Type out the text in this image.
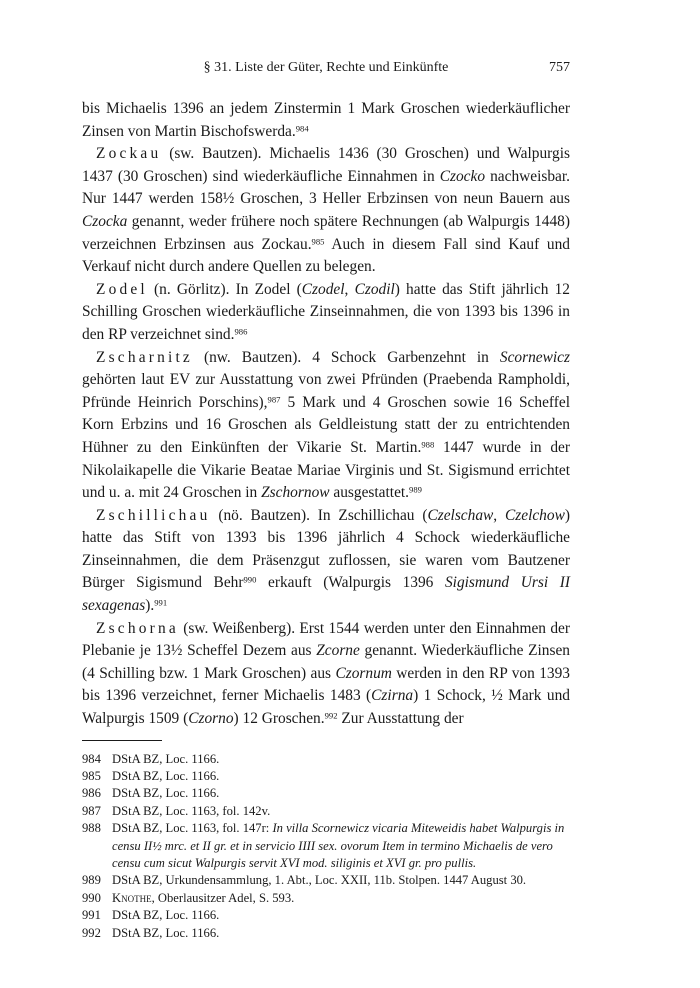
§ 31. Liste der Güter, Rechte und Einkünfte	757

bis Michaelis 1396 an jedem Zinstermin 1 Mark Groschen wiederkäuflicher Zinsen von Martin Bischofswerda.$^{984}$

Zockau (sw. Bautzen). Michaelis 1436 (30 Groschen) und Walpurgis 1437 (30 Groschen) sind wiederkäufliche Einnahmen in Czocko nachweisbar. Nur 1447 werden 158½ Groschen, 3 Heller Erbzinsen von neun Bauern aus Czocka genannt, weder frühere noch spätere Rechnungen (ab Walpurgis 1448) verzeichnen Erbzinsen aus Zockau.$^{985}$ Auch in diesem Fall sind Kauf und Verkauf nicht durch andere Quellen zu belegen.

Zodel (n. Görlitz). In Zodel (Czodel, Czodil) hatte das Stift jährlich 12 Schilling Groschen wiederkäufliche Zinseinnahmen, die von 1393 bis 1396 in den RP verzeichnet sind.$^{986}$

Zscharnitz (nw. Bautzen). 4 Schock Garbenzehnt in Scornewicz gehörten laut EV zur Ausstattung von zwei Pfründen (Praebenda Rampholdi, Pfründe Heinrich Porschins),$^{987}$ 5 Mark und 4 Groschen sowie 16 Scheffel Korn Erbzins und 16 Groschen als Geldleistung statt der zu entrichtenden Hühner zu den Einkünften der Vikarie St. Martin.$^{988}$ 1447 wurde in der Nikolaikapelle die Vikarie Beatae Mariae Virginis und St. Sigismund errichtet und u. a. mit 24 Groschen in Zschornow ausgestattet.$^{989}$

Zschillichau (nö. Bautzen). In Zschillichau (Czelschaw, Czelchow) hatte das Stift von 1393 bis 1396 jährlich 4 Schock wiederkäufliche Zinseinnahmen, die dem Präsenzgut zuflossen, sie waren vom Bautzener Bürger Sigismund Behr$^{990}$ erkauft (Walpurgis 1396 Sigismund Ursi II sexagenas).$^{991}$

Zschorna (sw. Weißenberg). Erst 1544 werden unter den Einnahmen der Plebanie je 13½ Scheffel Dezem aus Zcorne genannt. Wiederkäufliche Zinsen (4 Schilling bzw. 1 Mark Groschen) aus Czornum werden in den RP von 1393 bis 1396 verzeichnet, ferner Michaelis 1483 (Czirna) 1 Schock, ½ Mark und Walpurgis 1509 (Czorno) 12 Groschen.$^{992}$ Zur Ausstattung der

984 DStA BZ, Loc. 1166.
985 DStA BZ, Loc. 1166.
986 DStA BZ, Loc. 1166.
987 DStA BZ, Loc. 1163, fol. 142v.
988 DStA BZ, Loc. 1163, fol. 147r: In villa Scornewicz vicaria Miteweidis habet Walpurgis in censu II½ mrc. et II gr. et in servicio IIII sex. ovorum Item in termino Michaelis de vero censu cum sicut Walpurgis servit XVI mod. siliginis et XVI gr. pro pullis.
989 DStA BZ, Urkundensammlung, 1. Abt., Loc. XXII, 11b. Stolpen. 1447 August 30.
990 Knothe, Oberlausitzer Adel, S. 593.
991 DStA BZ, Loc. 1166.
992 DStA BZ, Loc. 1166.
